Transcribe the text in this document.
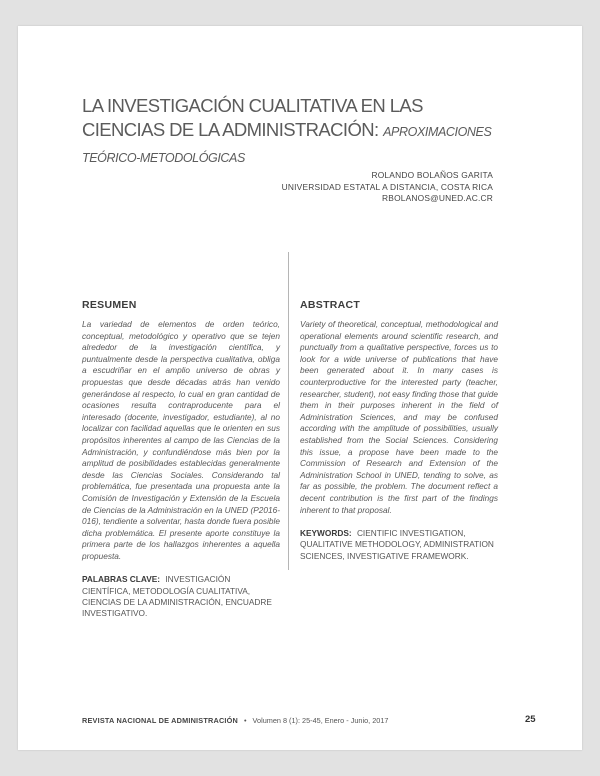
LA INVESTIGACIÓN CUALITATIVA EN LAS CIENCIAS DE LA ADMINISTRACIÓN: APROXIMACIONES TEÓRICO-METODOLÓGICAS
ROLANDO BOLAÑOS GARITA
UNIVERSIDAD ESTATAL A DISTANCIA, COSTA RICA
RBOLANOS@UNED.AC.CR
RESUMEN

La variedad de elementos de orden teórico, conceptual, metodológico y operativo que se tejen alrededor de la investigación científica, y puntualmente desde la perspectiva cualitativa, obliga a escudriñar en el amplio universo de obras y propuestas que desde décadas atrás han venido generándose al respecto, lo cual en gran cantidad de ocasiones resulta contraproducente para el interesado (docente, investigador, estudiante), al no localizar con facilidad aquellas que le orienten en sus propósitos inherentes al campo de las Ciencias de la Administración, y confundiéndose más bien por la amplitud de posibilidades establecidas generalmente desde las Ciencias Sociales. Considerando tal problemática, fue presentada una propuesta ante la Comisión de Investigación y Extensión de la Escuela de Ciencias de la Administración en la UNED (P2016-016), tendiente a solventar, hasta donde fuera posible dicha problemática. El presente aporte constituye la primera parte de los hallazgos inherentes a aquella propuesta.

PALABRAS CLAVE: INVESTIGACIÓN CIENTÍFICA, METODOLOGÍA CUALITATIVA, CIENCIAS DE LA ADMINISTRACIÓN, ENCUADRE INVESTIGATIVO.
ABSTRACT

Variety of theoretical, conceptual, methodological and operational elements around scientific research, and punctually from a qualitative perspective, forces us to look for a wide universe of publications that have been generated about it. In many cases is counterproductive for the interested party (teacher, researcher, student), not easy finding those that guide them in their purposes inherent in the field of Administration Sciences, and may be confused according with the amplitude of possibilities, usually established from the Social Sciences. Considering this issue, a propose have been made to the Commission of Research and Extension of the Administration School in UNED, tending to solve, as far as possible, the problem. The document reflect a decent contribution is the first part of the findings inherent to that proposal.

KEYWORDS: CIENTIFIC INVESTIGATION, QUALITATIVE METHODOLOGY, ADMINISTRATION SCIENCES, INVESTIGATIVE FRAMEWORK.
REVISTA NACIONAL DE ADMINISTRACIÓN • Volumen 8 (1): 25-45, Enero - Junio, 2017	25
